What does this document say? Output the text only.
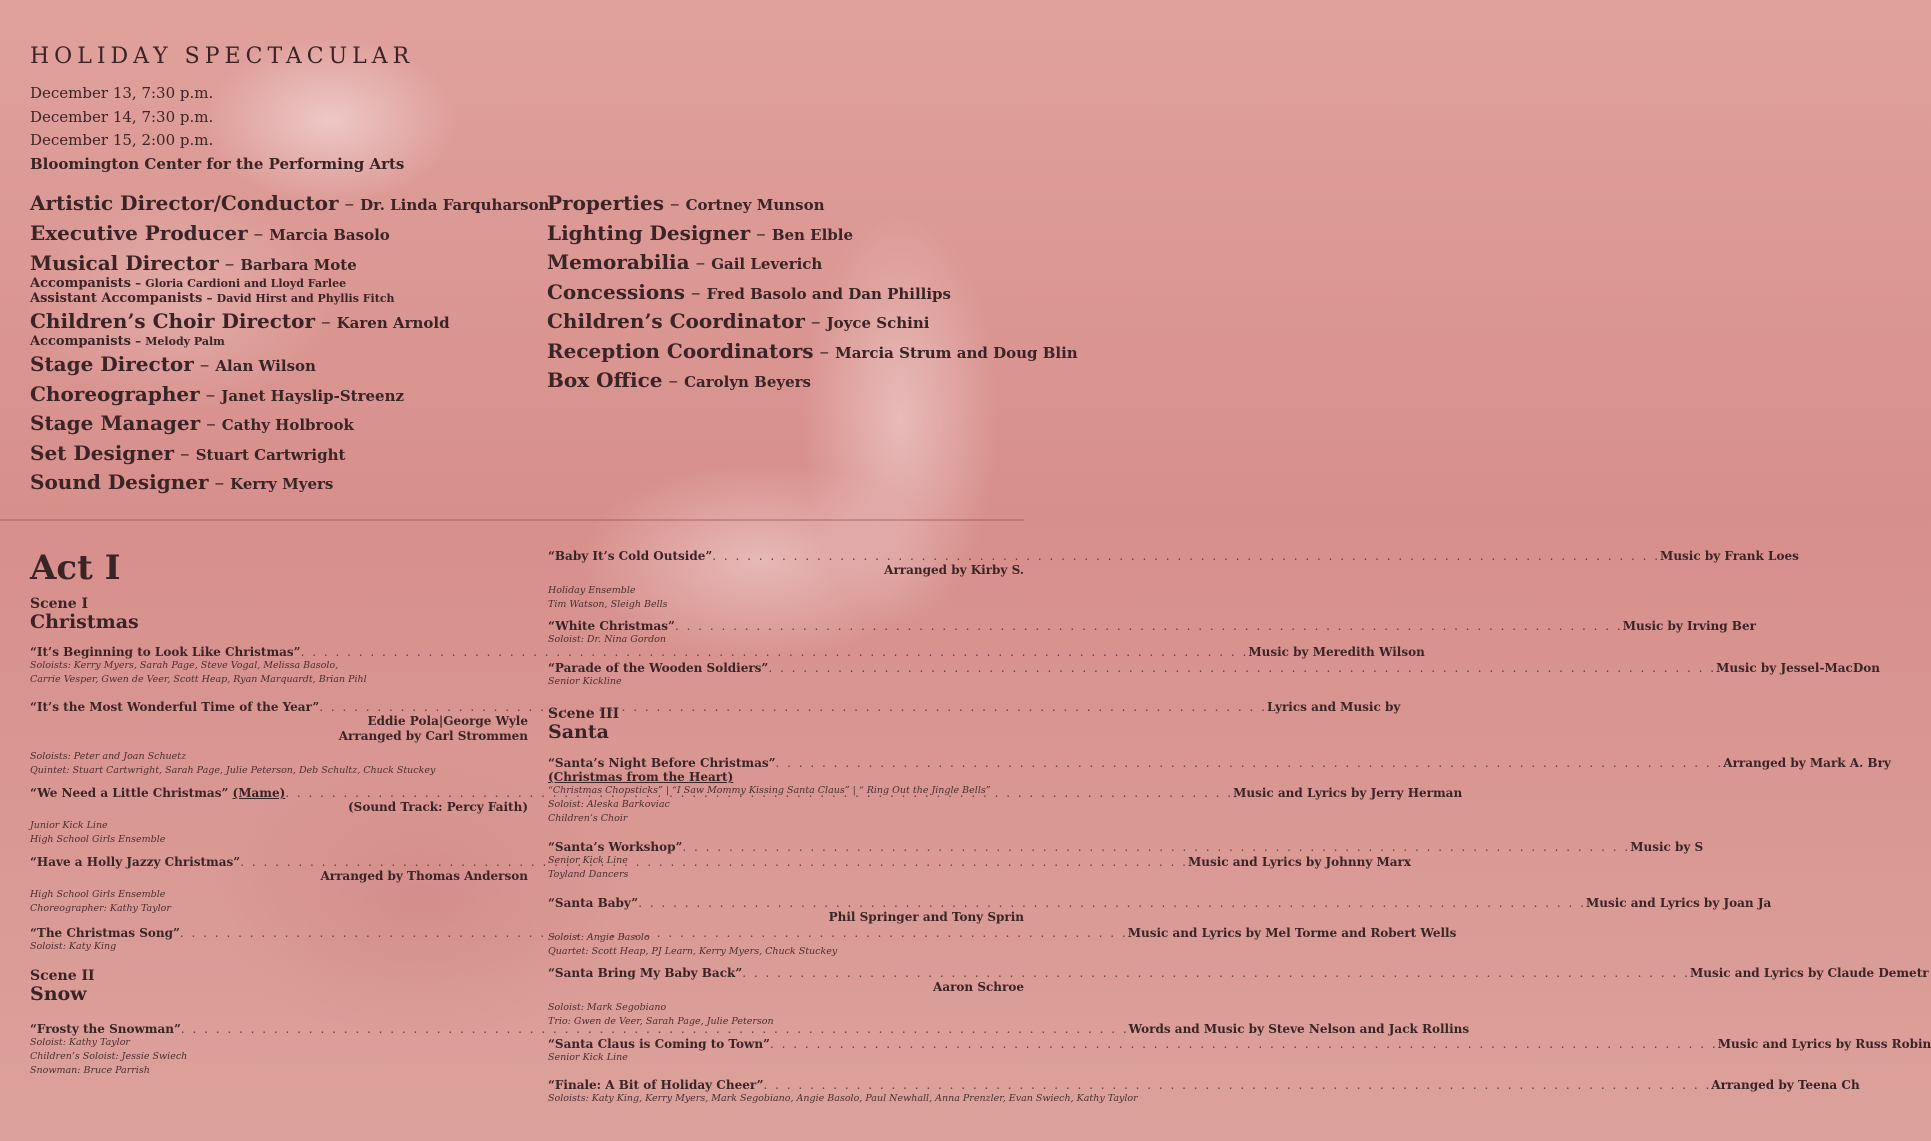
HOLIDAY SPECTACULAR
December 13, 7:30 p.m.
December 14, 7:30 p.m.
December 15, 2:00 p.m.
Bloomington Center for the Performing Arts
Artistic Director/Conductor – Dr. Linda Farquharson
Executive Producer – Marcia Basolo
Musical Director – Barbara Mote
Accompanists – Gloria Cardioni and Lloyd Farlee
Assistant Accompanists – David Hirst and Phyllis Fitch
Children’s Choir Director – Karen Arnold
Accompanists – Melody Palm
Stage Director – Alan Wilson
Choreographer – Janet Hayslip-Streenz
Stage Manager – Cathy Holbrook
Set Designer – Stuart Cartwright
Sound Designer – Kerry Myers
Properties – Cortney Munson
Lighting Designer – Ben Elble
Memorabilia – Gail Leverich
Concessions – Fred Basolo and Dan Phillips
Children’s Coordinator – Joyce Schini
Reception Coordinators – Marcia Strum and Doug Blin
Box Office – Carolyn Beyers
Act I
Scene I
Christmas
“It’s Beginning to Look Like Christmas” . . .	Music by Meredith Wilson
Soloists: Kerry Myers, Sarah Page, Steve Vogal, Melissa Basolo,
Carrie Vesper, Gwen de Veer, Scott Heap, Ryan Marquardt, Brian Pihl
“It’s the Most Wonderful Time of the Year” . . .	Lyrics and Music by
Eddie Pola|George Wyle
Arranged by Carl Strommen
Soloists: Peter and Joan Schuetz
Quintet: Stuart Cartwright, Sarah Page, Julie Peterson, Deb Schultz, Chuck Stuckey
“We Need a Little Christmas”
(Mame) . . .	Music and Lyrics by Jerry Herman
(Sound Track: Percy Faith)
Junior Kick Line
High School Girls Ensemble
“Have a Holly Jazzy Christmas” . . .	Music and Lyrics by Johnny Marx
Arranged by Thomas Anderson
High School Girls Ensemble
Choreographer: Kathy Taylor
“The Christmas Song” . . .	Music and Lyrics by Mel Torme and Robert Wells
Soloist: Katy King
Scene II
Snow
“Frosty the Snowman” . . .	Words and Music by Steve Nelson and Jack Rollins
Soloist: Kathy Taylor
Children’s Soloist: Jessie Swiech
Snowman: Bruce Parrish
“Baby It’s Cold Outside” . . .	Music by Frank Loes
Arranged by Kirby S.
Holiday Ensemble
Tim Watson, Sleigh Bells
“White Christmas” . . .	Music by Irving Ber
Soloist: Dr. Nina Gordon
“Parade of the Wooden Soldiers” . . .	Music by Jessel-MacDon
Senior Kickline
Scene III
Santa
“Santa’s Night Before Christmas” . . .	Arranged by Mark A. Bry
(Christmas from the Heart)
“Christmas Chopsticks” | “I Saw Mommy Kissing Santa Claus” | “ Ring Out the Jingle Bells”
Soloist: Aleska Barkoviac
Children’s Choir
“Santa’s Workshop” . . .	Music by S
Senior Kick Line
Toyland Dancers
“Santa Baby” . . .	Music and Lyrics by Joan Ja
Phil Springer and Tony Sprin
Soloist: Angie Basolo
Quartet: Scott Heap, PJ Learn, Kerry Myers, Chuck Stuckey
“Santa Bring My Baby Back” . . .	Music and Lyrics by Claude Demetr
Aaron Schroe
Soloist: Mark Segobiano
Trio: Gwen de Veer, Sarah Page, Julie Peterson
“Santa Claus is Coming to Town” . . .	Music and Lyrics by Russ Robin
Senior Kick Line
“Finale: A Bit of Holiday Cheer” . . .	Arranged by Teena Ch
Soloists: Katy King, Kerry Myers, Mark Segobiano, Angie Basolo, Paul Newhall, Anna Prenzler, Evan Swiech, Kathy Taylor
